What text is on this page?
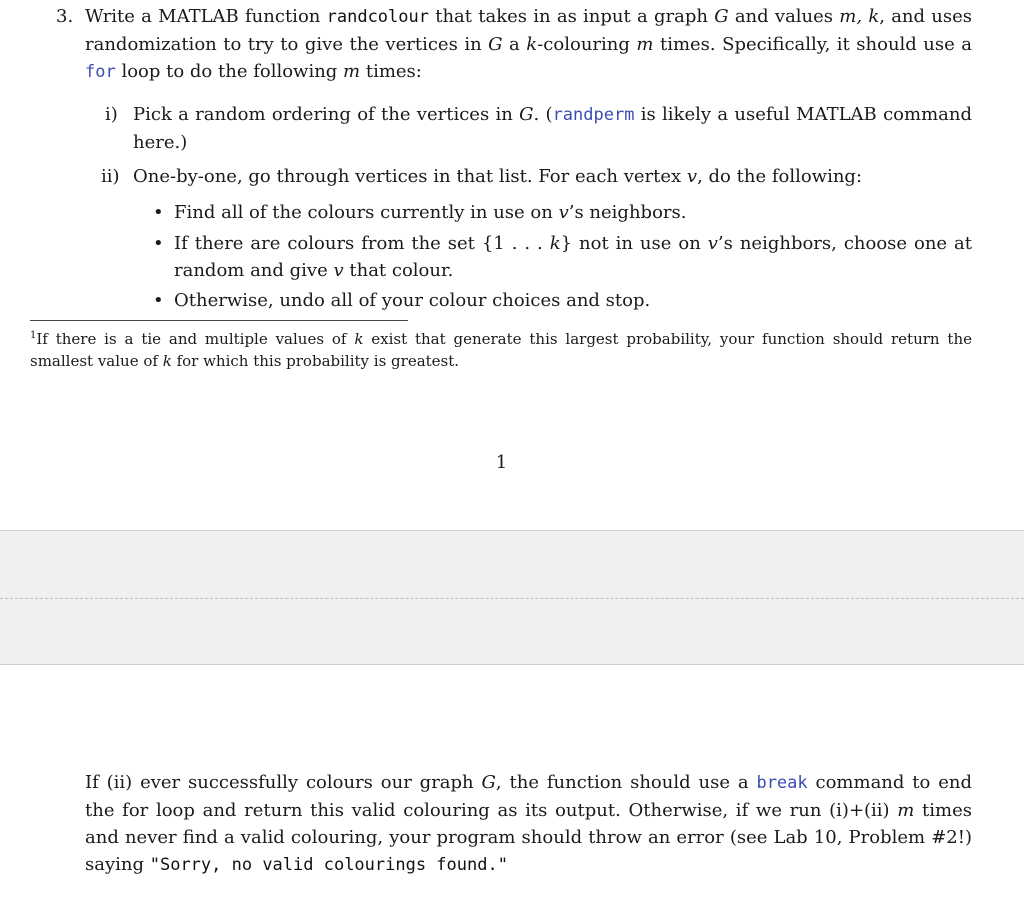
3. Write a MATLAB function randcolour that takes in as input a graph G and values m, k, and uses randomization to try to give the vertices in G a k-colouring m times. Specifically, it should use a for loop to do the following m times:
i) Pick a random ordering of the vertices in G. (randperm is likely a useful MATLAB command here.)
ii) One-by-one, go through vertices in that list. For each vertex v, do the following:
• Find all of the colours currently in use on v’s neighbors.
• If there are colours from the set {1 . . . k} not in use on v’s neighbors, choose one at random and give v that colour.
• Otherwise, undo all of your colour choices and stop.
$^1$If there is a tie and multiple values of k exist that generate this largest probability, your function should return the smallest value of k for which this probability is greatest.
1
If (ii) ever successfully colours our graph G, the function should use a break command to end the for loop and return this valid colouring as its output. Otherwise, if we run (i)+(ii) m times and never find a valid colouring, your program should throw an error (see Lab 10, Problem #2!) saying "Sorry, no valid colourings found."
